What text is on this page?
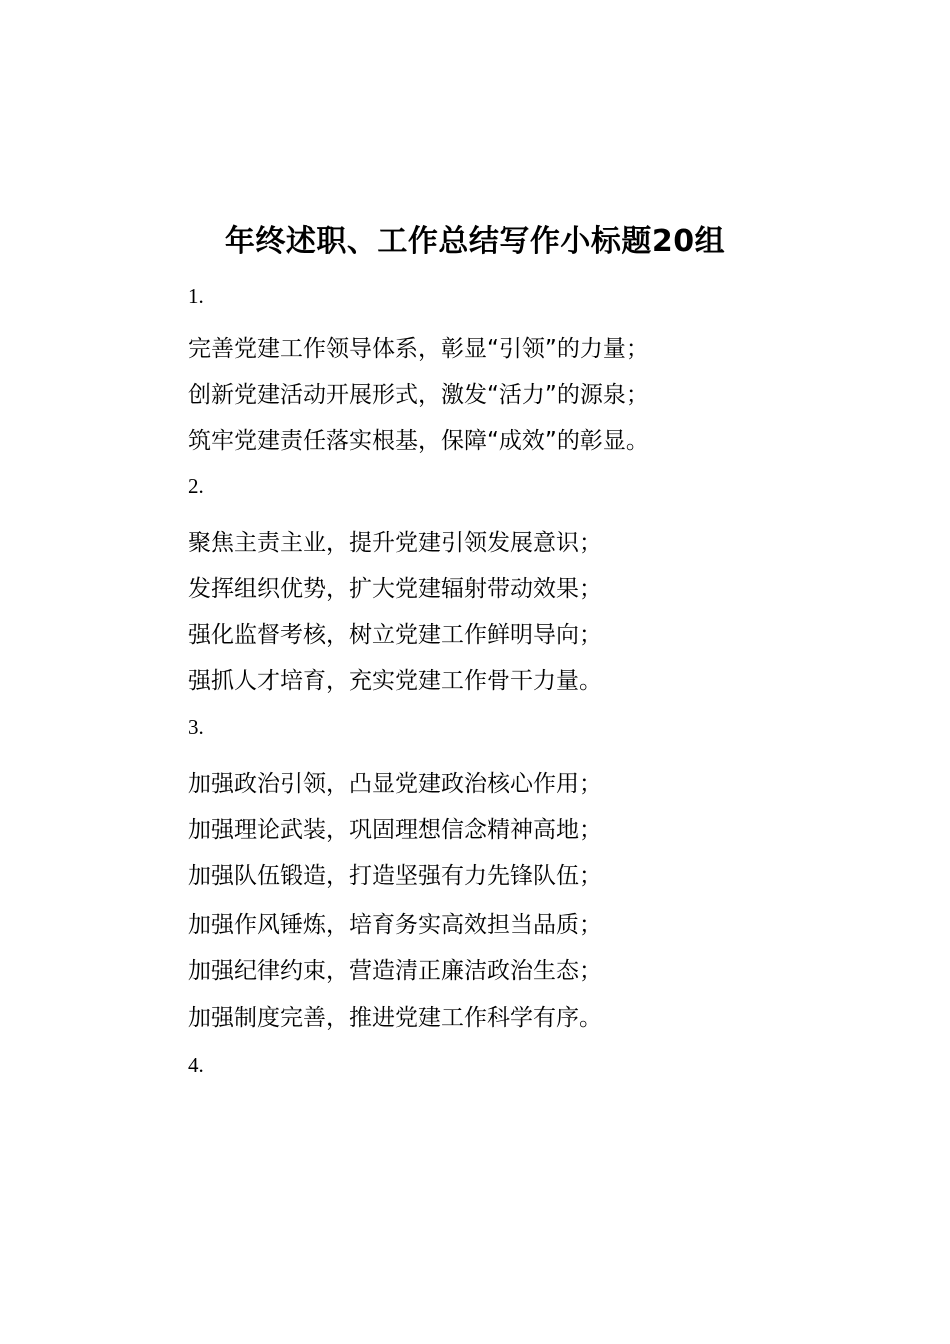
年终述职、工作总结写作小标题20组

1.

完善党建工作领导体系，彰显“引领”的力量；

创新党建活动开展形式，激发“活力”的源泉；

筑牢党建责任落实根基，保障“成效”的彰显。

2.

聚焦主责主业，提升党建引领发展意识；

发挥组织优势，扩大党建辐射带动效果；

强化监督考核，树立党建工作鲜明导向；

强抓人才培育，充实党建工作骨干力量。

3.

加强政治引领，凸显党建政治核心作用；

加强理论武装，巩固理想信念精神高地；

加强队伍锻造，打造坚强有力先锋队伍；

加强作风锤炼，培育务实高效担当品质；

加强纪律约束，营造清正廉洁政治生态；

加强制度完善，推进党建工作科学有序。

4.
